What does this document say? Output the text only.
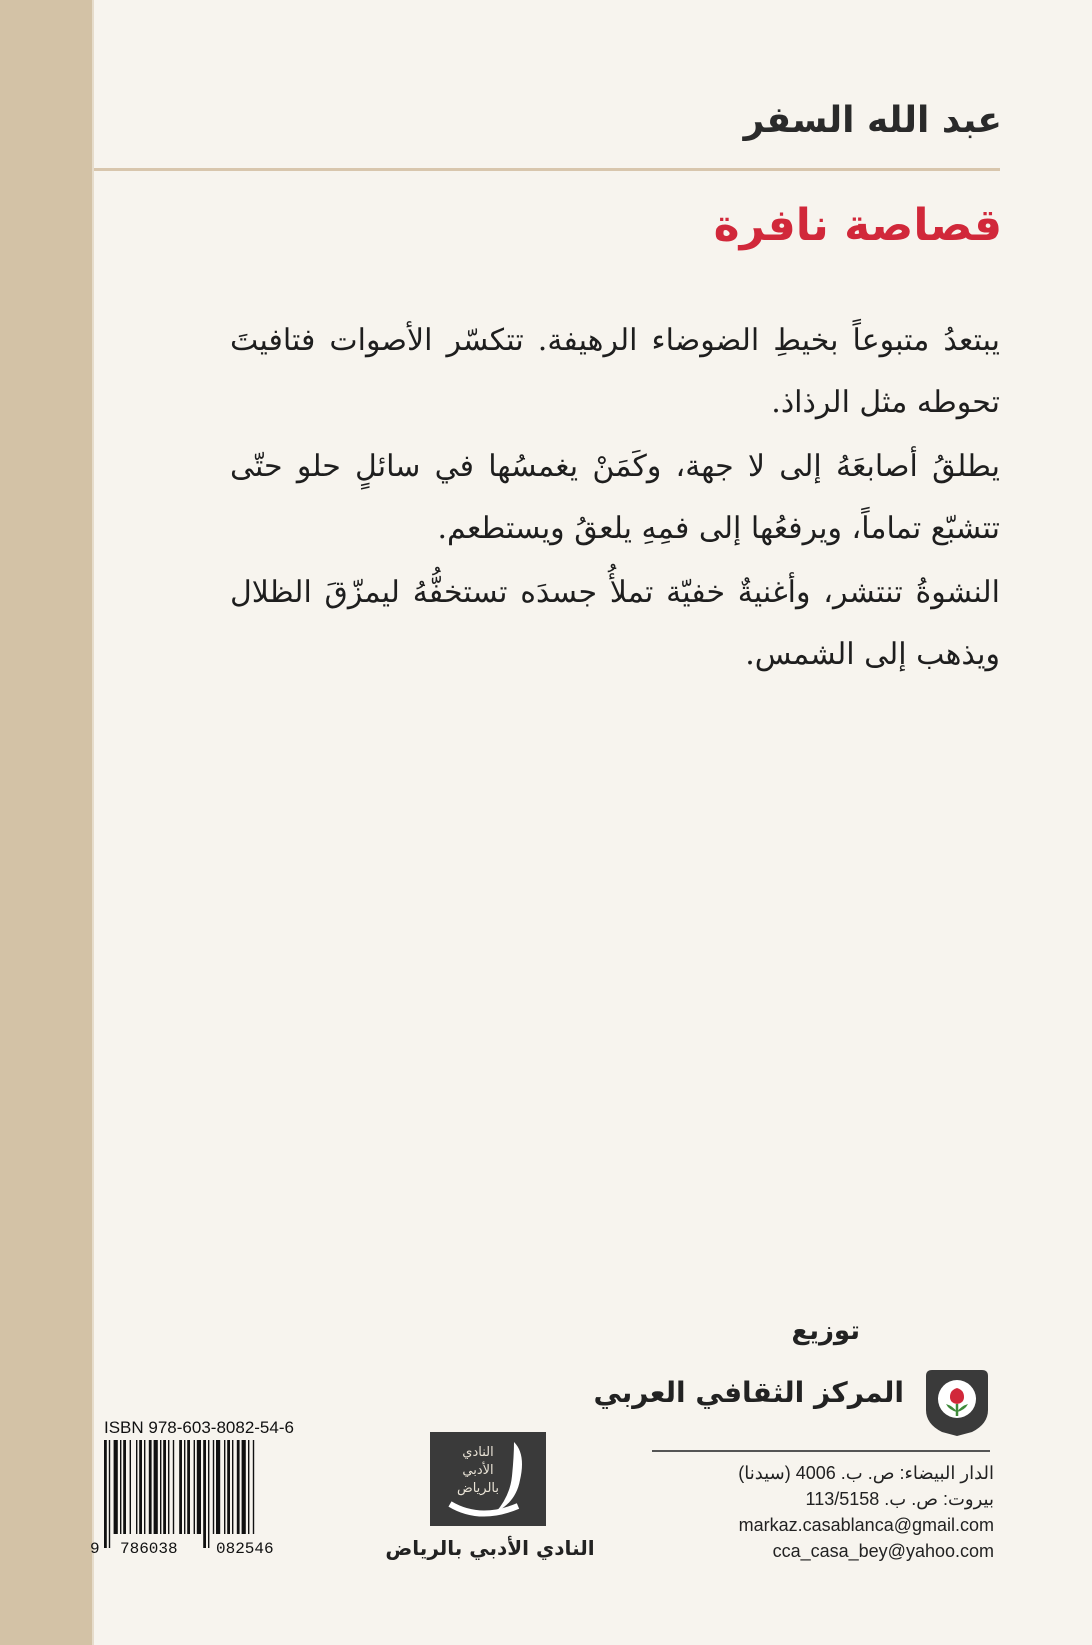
عبد الله السفر
قصاصة نافرة

يبتعدُ متبوعاً بخيطِ الضوضاء الرهيفة. تتكسّر الأصوات فتافيتَ تحوطه مثل الرذاذ.

يطلقُ أصابعَهُ إلى لا جهة، وكَمَنْ يغمسُها في سائلٍ حلو حتّى تتشبّع تماماً، ويرفعُها إلى فمِهِ يلعقُ ويستطعم.

النشوةُ تنتشر، وأغنيةٌ خفيّة تملأُ جسدَه تستخفُّهُ ليمزّقَ الظلال ويذهب إلى الشمس.

توزيع
المركز الثقافي العربي
الدار البيضاء: ص. ب. 4006 (سيدنا)
بيروت: ص. ب. 113/5158
markaz.casablanca@gmail.com
cca_casa_bey@yahoo.com
النادي
الأدبي
بالرياض
النادي الأدبي بالرياض
ISBN 978-603-8082-54-6
9 786038 082546
